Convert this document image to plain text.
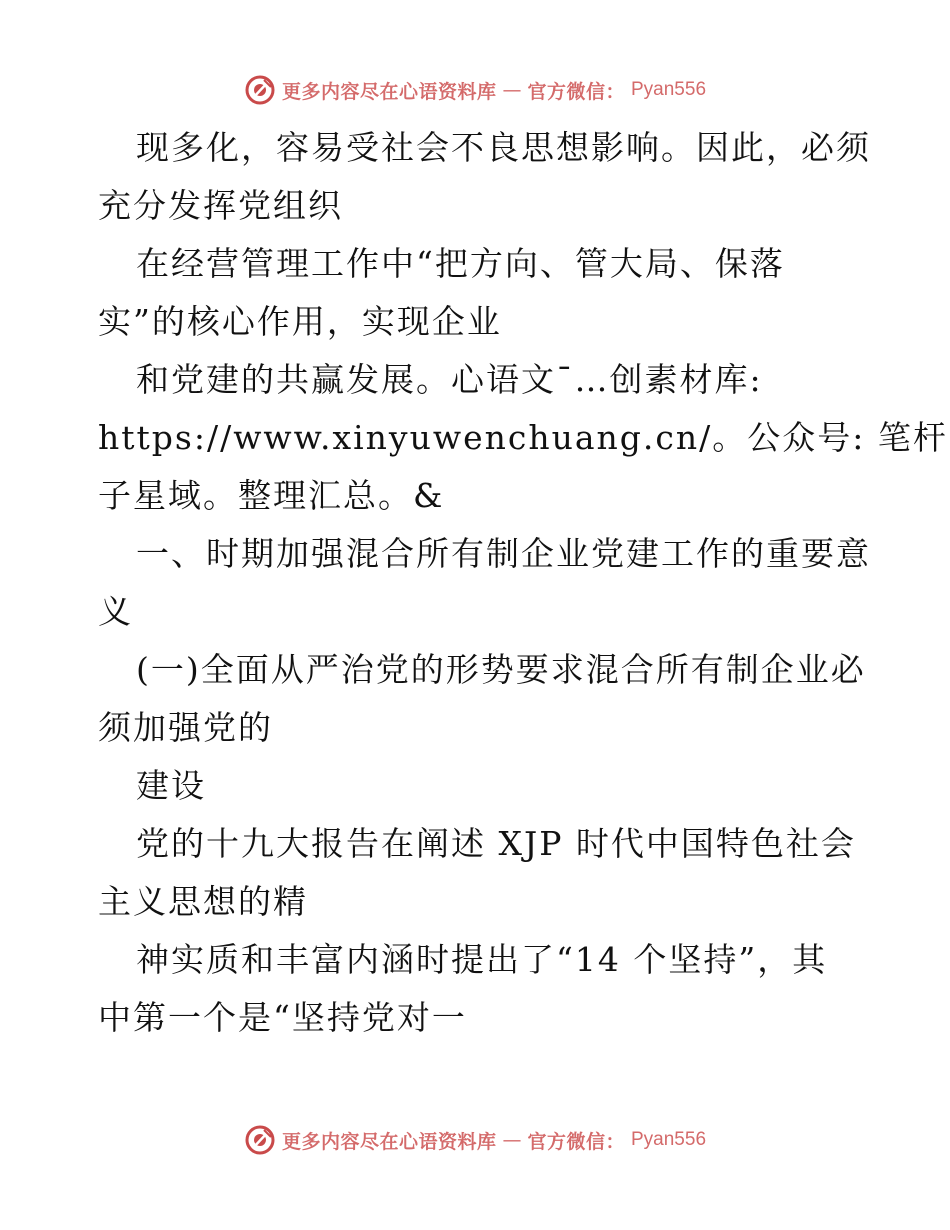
更多内容尽在心语资料库 — 官方微信： Pyan556
现多化，容易受社会不良思想影响。因此，必须
充分发挥党组织
在经营管理工作中“把方向、管大局、保落
实”的核心作用，实现企业
和党建的共赢发展。心语文¯…创素材库:
https://www.xinyuwenchuang.cn/。公众号: 笔杆
子星域。整理汇总。&
一、时期加强混合所有制企业党建工作的重要意
义
(一)全面从严治党的形势要求混合所有制企业必
须加强党的
建设
党的十九大报告在阐述 XJP 时代中国特色社会
主义思想的精
神实质和丰富内涵时提出了“14 个坚持”，其
中第一个是“坚持党对一
更多内容尽在心语资料库 — 官方微信： Pyan556
